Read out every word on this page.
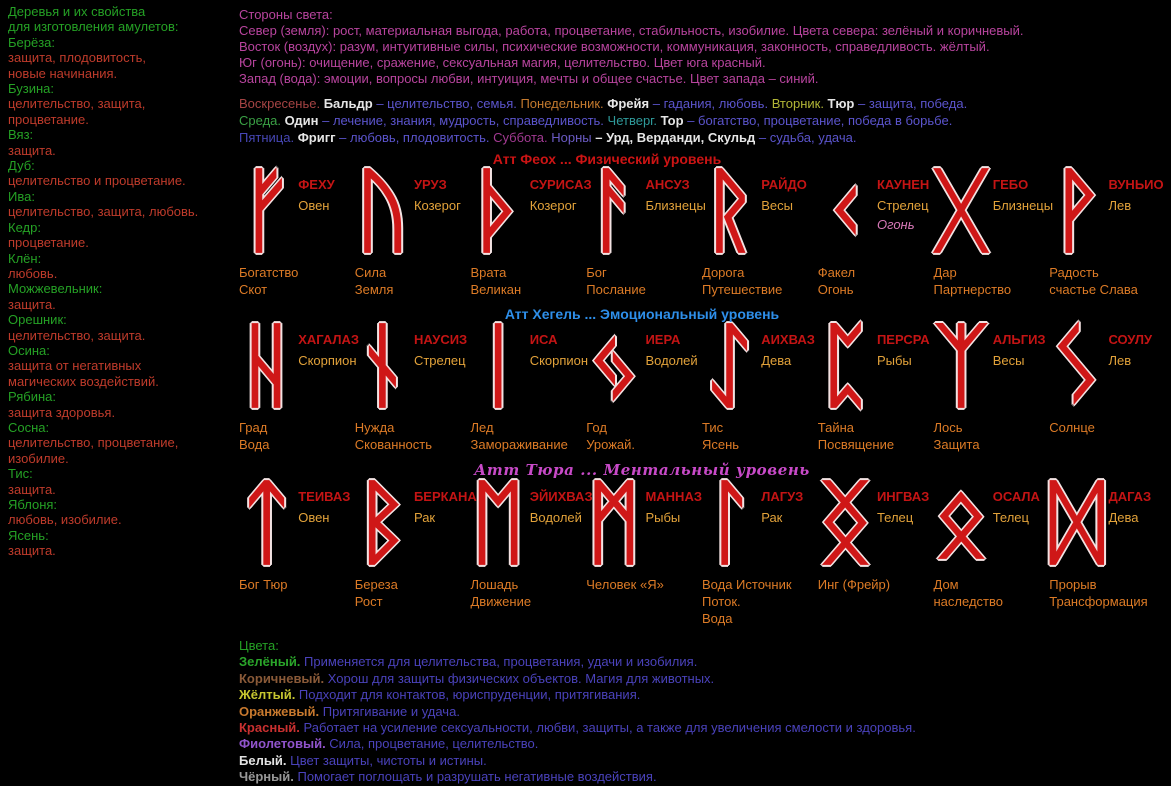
Деревья и их свойства
для изготовления амулетов:
Берёза:
защита, плодовитость,
новые начинания.
Бузина:
целительство, защита,
процветание.
Вяз:
защита.
Дуб:
целительство и процветание.
Ива:
целительство, защита, любовь.
Кедр:
процветание.
Клён:
любовь.
Можжевельник:
защита.
Орешник:
целительство, защита.
Осина:
защита от негативных
магических воздействий.
Рябина:
защита здоровья.
Сосна:
целительство, процветание,
изобилие.
Тис:
защита.
Яблоня:
любовь, изобилие.
Ясень:
защита.
Стороны света:
Север (земля): рост, материальная выгода, работа, процветание, стабильность, изобилие. Цвета севера: зелёный и коричневый.
Восток (воздух): разум, интуитивные силы, психические возможности, коммуникация, законность, справедливость. жёлтый.
Юг (огонь): очищение, сражение, сексуальная магия, целительство. Цвет юга красный.
Запад (вода): эмоции, вопросы любви, интуиция, мечты и общее счастье. Цвет запада – синий.
Воскресенье. Бальдр – целительство, семья. Понедельник. Фрейя – гадания, любовь. Вторник. Тюр – защита, победа.
Среда. Один – лечение, знания, мудрость, справедливость. Четверг. Тор – богатство, процветание, победа в борьбе.
Пятница. Фригг – любовь, плодовитость. Суббота. Норны – Урд, Верданди, Скульд – судьба, удача.
Атт Феох ... Физический уровень
ᚠ ФЕХУ
Овен
Богатство
Скот
ᚢ УРУЗ
Козерог
Сила
Земля
ᚦ СУРИСАЗ
Козерог
Врата
Великан
ᚨ АНСУЗ
Близнецы
Бог
Послание
ᚱ РАЙДО
Весы
Дорога
Путешествие
ᚲ КАУНЕН
Стрелец
Огонь
Факел
Огонь
ᚷ ГЕБО
Близнецы
Дар
Партнерство
ᚹ ВУНЬИО
Лев
Радость
счастье Слава
Атт Хегель ... Эмоциональный уровень
ᚺ ХАГАЛАЗ
Скорпион
Град
Вода
ᚾ НАУСИЗ
Стрелец
Нужда
Скованность
ᛁ ИСА
Скорпион
Лед
Замораживание
ᛃ ИЕРА
Водолей
Год
Урожай.
ᛇ АИХВАЗ
Дева
Тис
Ясень
ᛈ ПЕРСРА
Рыбы
Тайна
Посвящение
ᛉ АЛЬГИЗ
Весы
Лось
Защита
ᛊ СОУЛУ
Лев
Солнце
Атт Тюра ... Ментальный уровень
ᛏ ТЕИВАЗ
Овен
Бог Тюр
ᛒ БЕРКАНА
Рак
Береза
Рост
ᛖ ЭЙИХВАЗ
Водолей
Лошадь
Движение
ᛗ МАННАЗ
Рыбы
Человек «Я»
ᛚ ЛАГУЗ
Рак
Вода Источник
Поток.
Вода
ᛝ ИНГВАЗ
Телец
Инг (Фрейр)
ᛟ ОСАЛА
Телец
Дом
наследство
ᛞ ДАГАЗ
Дева
Прорыв
Трансформация
Цвета:
Зелёный. Применяется для целительства, процветания, удачи и изобилия.
Коричневый. Хорош для защиты физических объектов. Магия для животных.
Жёлтый. Подходит для контактов, юриспруденции, притягивания.
Оранжевый. Притягивание и удача.
Красный. Работает на усиление сексуальности, любви, защиты, а также для увеличения смелости и здоровья.
Фиолетовый. Сила, процветание, целительство.
Белый. Цвет защиты, чистоты и истины.
Чёрный. Помогает поглощать и разрушать негативные воздействия.
